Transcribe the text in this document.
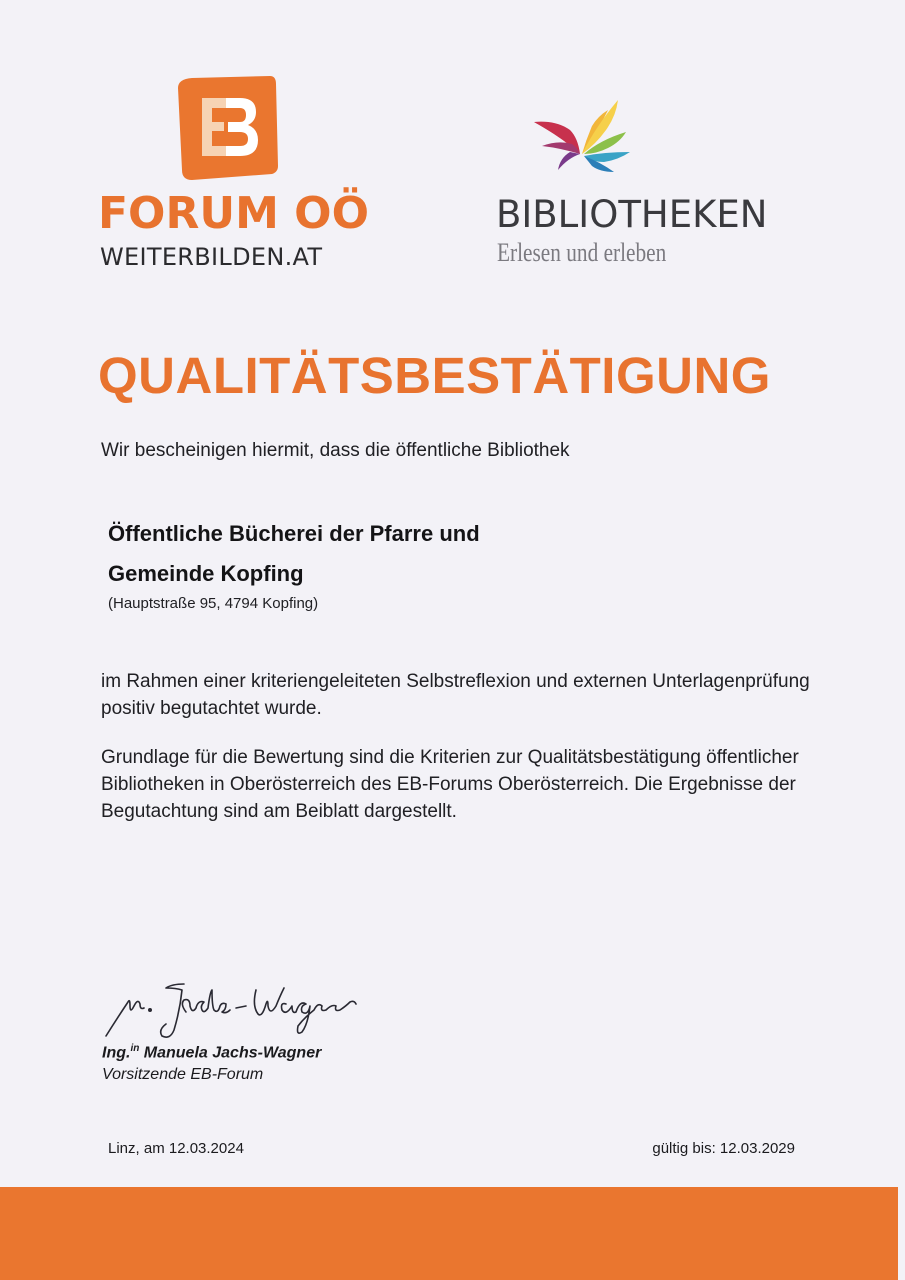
FORUM OÖ
WEITERBILDEN.AT
BIBLIOTHEKEN
Erlesen und erleben
QUALITÄTSBESTÄTIGUNG
Wir bescheinigen hiermit, dass die öffentliche Bibliothek
Öffentliche Bücherei der Pfarre und
Gemeinde Kopfing
(Hauptstraße 95, 4794 Kopfing)
im Rahmen einer kriteriengeleiteten Selbstreflexion und externen Unterlagenprüfung positiv begutachtet wurde.
Grundlage für die Bewertung sind die Kriterien zur Qualitätsbestätigung öffentlicher Bibliotheken in Oberösterreich des EB-Forums Oberösterreich. Die Ergebnisse der Begutachtung sind am Beiblatt dargestellt.
Ing.$^{in}$ Manuela Jachs-Wagner
Vorsitzende EB-Forum
Linz, am 12.03.2024	gültig bis: 12.03.2029
